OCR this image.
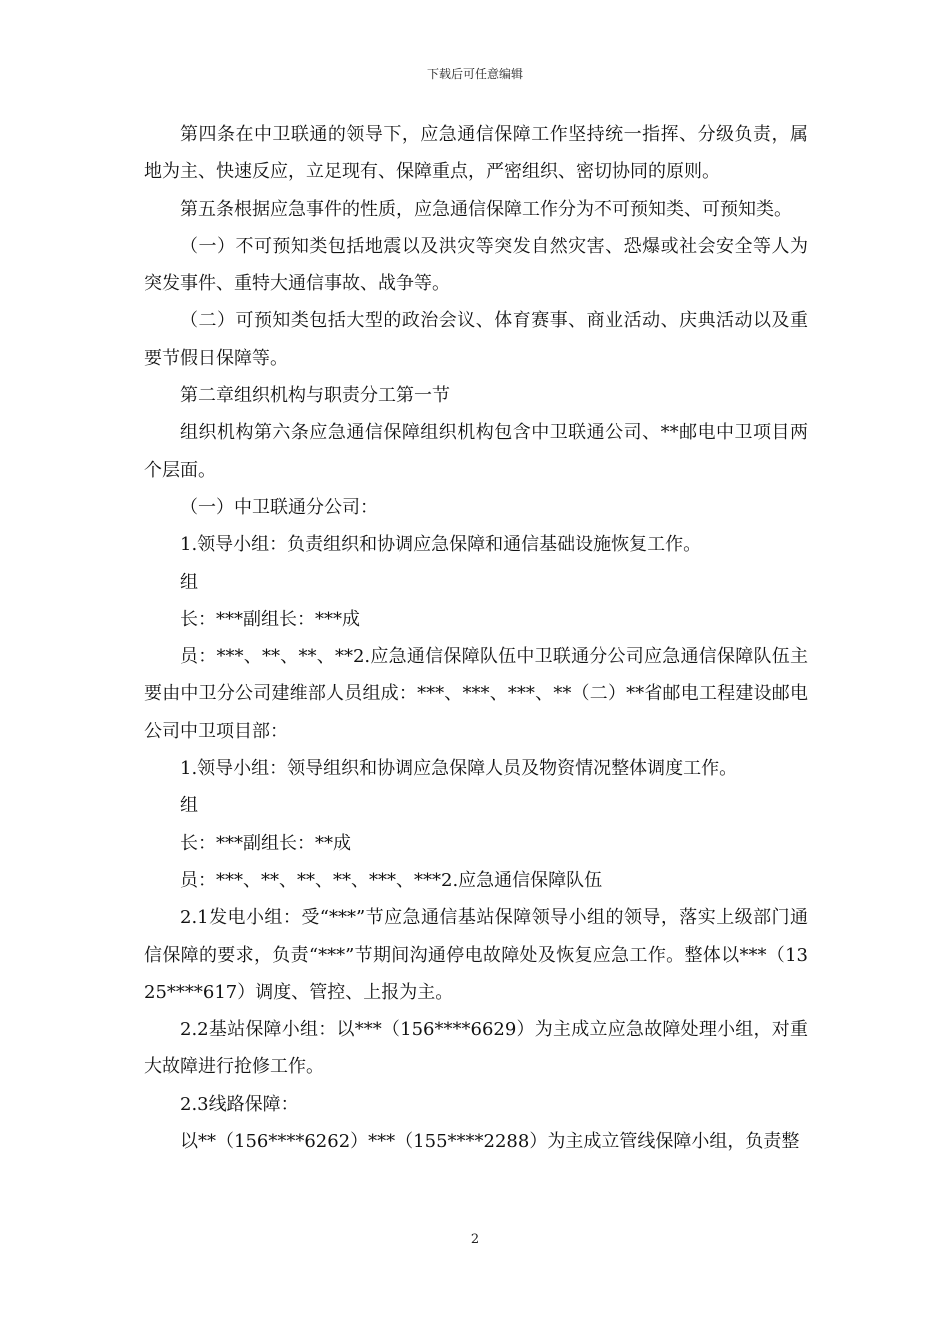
下载后可任意编辑

第四条在中卫联通的领导下，应急通信保障工作坚持统一指挥、分级负责，属地为主、快速反应，立足现有、保障重点，严密组织、密切协同的原则。

第五条根据应急事件的性质，应急通信保障工作分为不可预知类、可预知类。

（一）不可预知类包括地震以及洪灾等突发自然灾害、恐爆或社会安全等人为突发事件、重特大通信事故、战争等。

（二）可预知类包括大型的政治会议、体育赛事、商业活动、庆典活动以及重要节假日保障等。

第二章组织机构与职责分工第一节

组织机构第六条应急通信保障组织机构包含中卫联通公司、**邮电中卫项目两个层面。

（一）中卫联通分公司：

1.领导小组：负责组织和协调应急保障和通信基础设施恢复工作。

组

长：***副组长：***成

员：***、**、**、**2.应急通信保障队伍中卫联通分公司应急通信保障队伍主要由中卫分公司建维部人员组成：***、***、***、**（二）**省邮电工程建设邮电公司中卫项目部：

1.领导小组：领导组织和协调应急保障人员及物资情况整体调度工作。

组

长：***副组长：**成

员：***、**、**、**、***、***2.应急通信保障队伍

2.1发电小组：受“***”节应急通信基站保障领导小组的领导，落实上级部门通信保障的要求，负责“***”节期间沟通停电故障处及恢复应急工作。整体以***（1325****617）调度、管控、上报为主。

2.2基站保障小组：以***（156****6629）为主成立应急故障处理小组，对重大故障进行抢修工作。

2.3线路保障：

以**（156****6262）***（155****2288）为主成立管线保障小组，负责整

2
